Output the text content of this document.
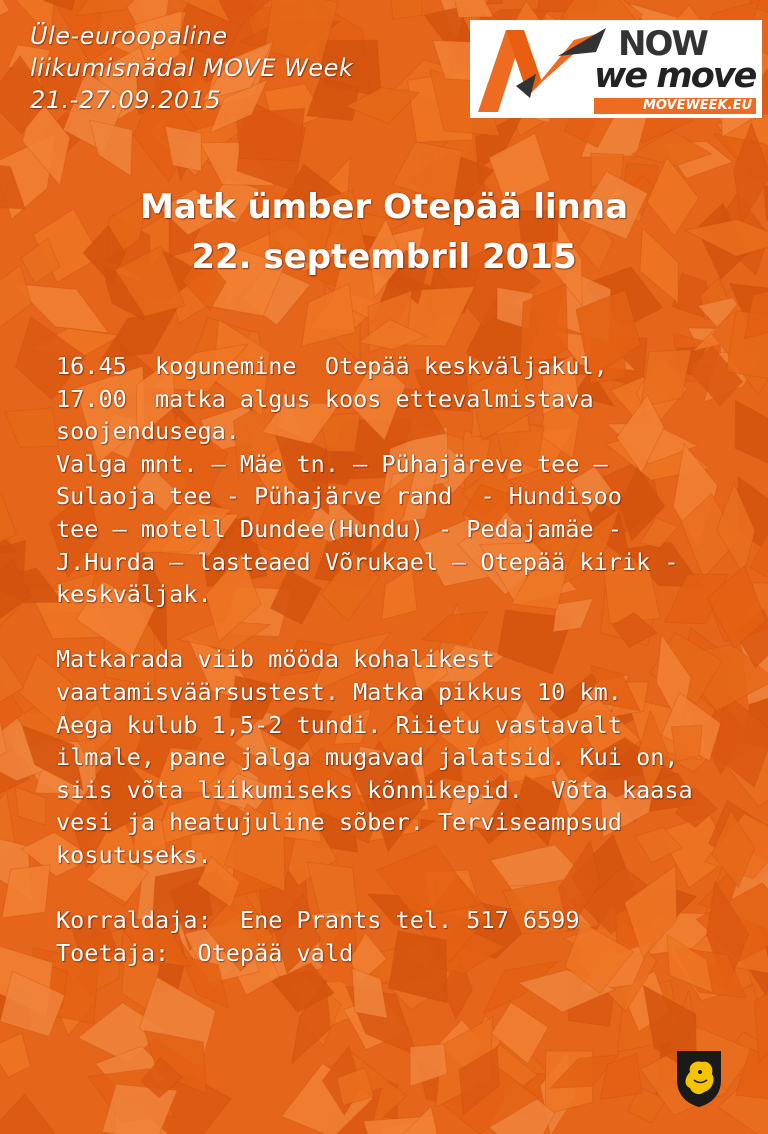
Üle-euroopaline
liikumisnädal MOVE Week
21.-27.09.2015
NOW
we move
MOVEWEEK.EU
Matk ümber Otepää linna
22. septembril 2015
16.45  kogunemine  Otepää keskväljakul,
17.00  matka algus koos ettevalmistava
soojendusega.
Valga mnt. – Mäe tn. – Pühajäreve tee –
Sulaoja tee - Pühajärve rand  - Hundisoo
tee – motell Dundee(Hundu) - Pedajamäe -
J.Hurda – lasteaed Võrukael – Otepää kirik -
keskväljak.
Matkarada viib mööda kohalikest
vaatamisväärsustest. Matka pikkus 10 km.
Aega kulub 1,5-2 tundi. Riietu vastavalt
ilmale, pane jalga mugavad jalatsid. Kui on,
siis võta liikumiseks kõnnikepid.  Võta kaasa
vesi ja heatujuline sõber. Terviseampsud
kosutuseks.
Korraldaja:  Ene Prants tel. 517 6599
Toetaja:  Otepää vald
